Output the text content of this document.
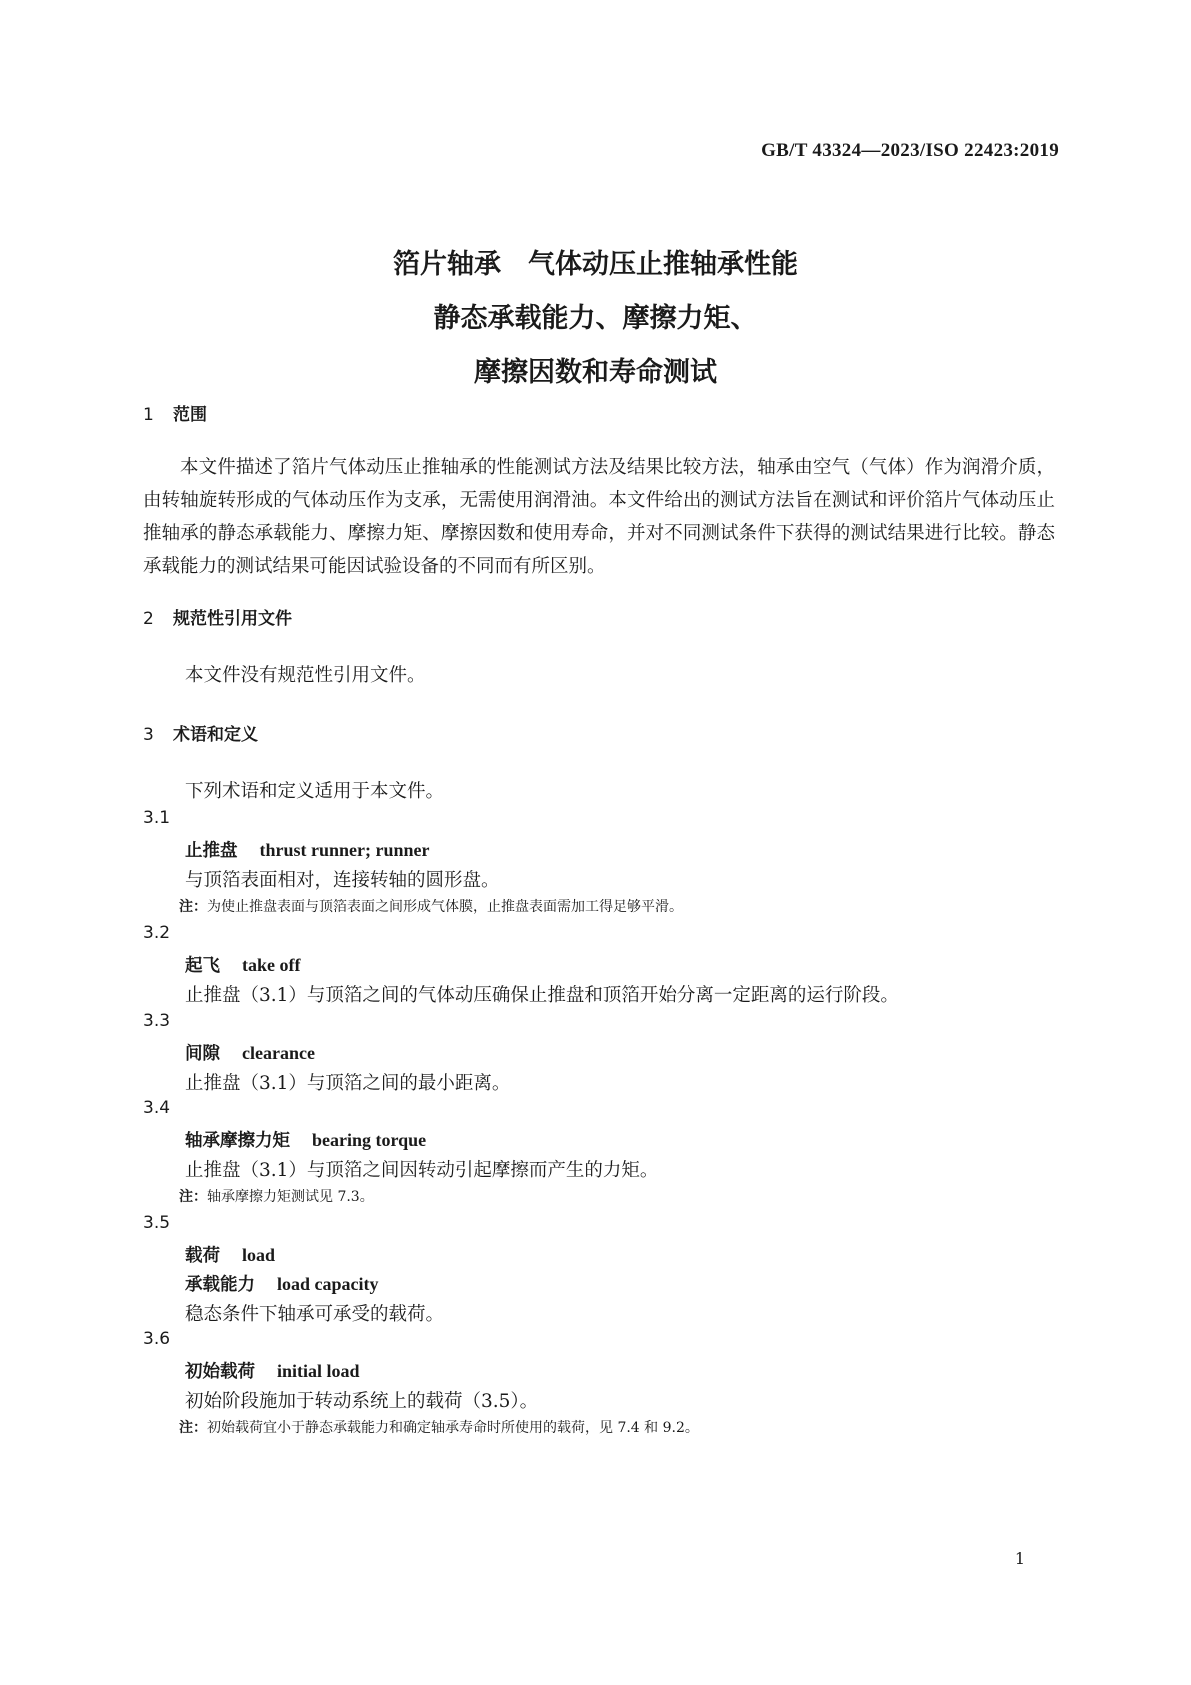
GB/T 43324—2023/ISO 22423:2019
箔片轴承　气体动压止推轴承性能
静态承载能力、摩擦力矩、
摩擦因数和寿命测试
1 范围
本文件描述了箔片气体动压止推轴承的性能测试方法及结果比较方法，轴承由空气（气体）作为润滑介质，由转轴旋转形成的气体动压作为支承，无需使用润滑油。本文件给出的测试方法旨在测试和评价箔片气体动压止推轴承的静态承载能力、摩擦力矩、摩擦因数和使用寿命，并对不同测试条件下获得的测试结果进行比较。静态承载能力的测试结果可能因试验设备的不同而有所区别。
2 规范性引用文件
本文件没有规范性引用文件。
3 术语和定义
下列术语和定义适用于本文件。
3.1
止推盘 thrust runner; runner
与顶箔表面相对，连接转轴的圆形盘。
注：为使止推盘表面与顶箔表面之间形成气体膜，止推盘表面需加工得足够平滑。
3.2
起飞 take off
止推盘（3.1）与顶箔之间的气体动压确保止推盘和顶箔开始分离一定距离的运行阶段。
3.3
间隙 clearance
止推盘（3.1）与顶箔之间的最小距离。
3.4
轴承摩擦力矩 bearing torque
止推盘（3.1）与顶箔之间因转动引起摩擦而产生的力矩。
注：轴承摩擦力矩测试见 7.3。
3.5
载荷 load
承载能力 load capacity
稳态条件下轴承可承受的载荷。
3.6
初始载荷 initial load
初始阶段施加于转动系统上的载荷（3.5）。
注：初始载荷宜小于静态承载能力和确定轴承寿命时所使用的载荷，见 7.4 和 9.2。
1
